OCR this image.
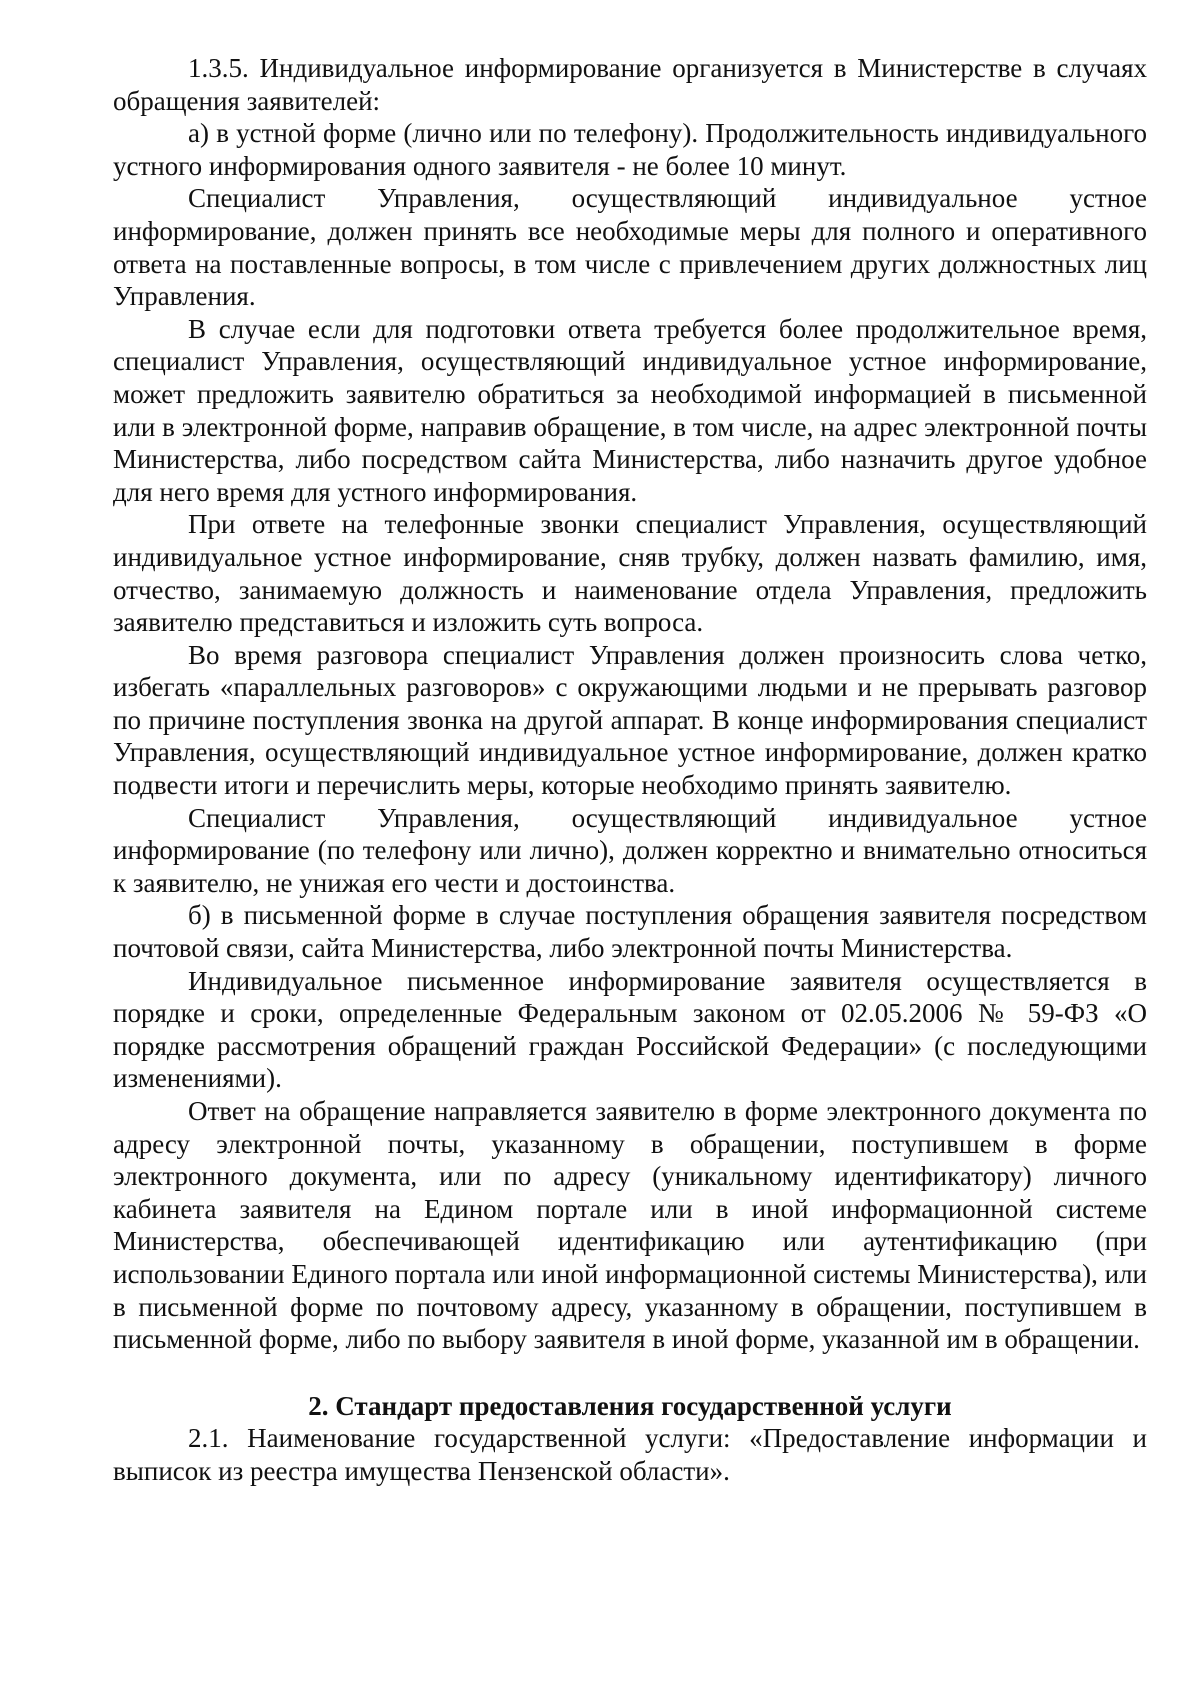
1.3.5. Индивидуальное информирование организуется в Министерстве в случаях обращения заявителей:

а) в устной форме (лично или по телефону). Продолжительность индивидуального устного информирования одного заявителя - не более 10 минут.

Специалист Управления, осуществляющий индивидуальное устное информирование, должен принять все необходимые меры для полного и оперативного ответа на поставленные вопросы, в том числе с привлечением других должностных лиц Управления.

В случае если для подготовки ответа требуется более продолжительное время, специалист Управления, осуществляющий индивидуальное устное информирование, может предложить заявителю обратиться за необходимой информацией в письменной или в электронной форме, направив обращение, в том числе, на адрес электронной почты Министерства, либо посредством сайта Министерства, либо назначить другое удобное для него время для устного информирования.

При ответе на телефонные звонки специалист Управления, осуществляющий индивидуальное устное информирование, сняв трубку, должен назвать фамилию, имя, отчество, занимаемую должность и наименование отдела Управления, предложить заявителю представиться и изложить суть вопроса.

Во время разговора специалист Управления должен произносить слова четко, избегать «параллельных разговоров» с окружающими людьми и не прерывать разговор по причине поступления звонка на другой аппарат. В конце информирования специалист Управления, осуществляющий индивидуальное устное информирование, должен кратко подвести итоги и перечислить меры, которые необходимо принять заявителю.

Специалист Управления, осуществляющий индивидуальное устное информирование (по телефону или лично), должен корректно и внимательно относиться к заявителю, не унижая его чести и достоинства.

б) в письменной форме в случае поступления обращения заявителя посредством почтовой связи, сайта Министерства, либо электронной почты Министерства.

Индивидуальное письменное информирование заявителя осуществляется в порядке и сроки, определенные Федеральным законом от 02.05.2006 № 59-ФЗ «О порядке рассмотрения обращений граждан Российской Федерации» (с последующими изменениями).

Ответ на обращение направляется заявителю в форме электронного документа по адресу электронной почты, указанному в обращении, поступившем в форме электронного документа, или по адресу (уникальному идентификатору) личного кабинета заявителя на Едином портале или в иной информационной системе Министерства, обеспечивающей идентификацию или аутентификацию (при использовании Единого портала или иной информационной системы Министерства), или в письменной форме по почтовому адресу, указанному в обращении, поступившем в письменной форме, либо по выбору заявителя в иной форме, указанной им в обращении.

2. Стандарт предоставления государственной услуги

2.1. Наименование государственной услуги: «Предоставление информации и выписок из реестра имущества Пензенской области».
